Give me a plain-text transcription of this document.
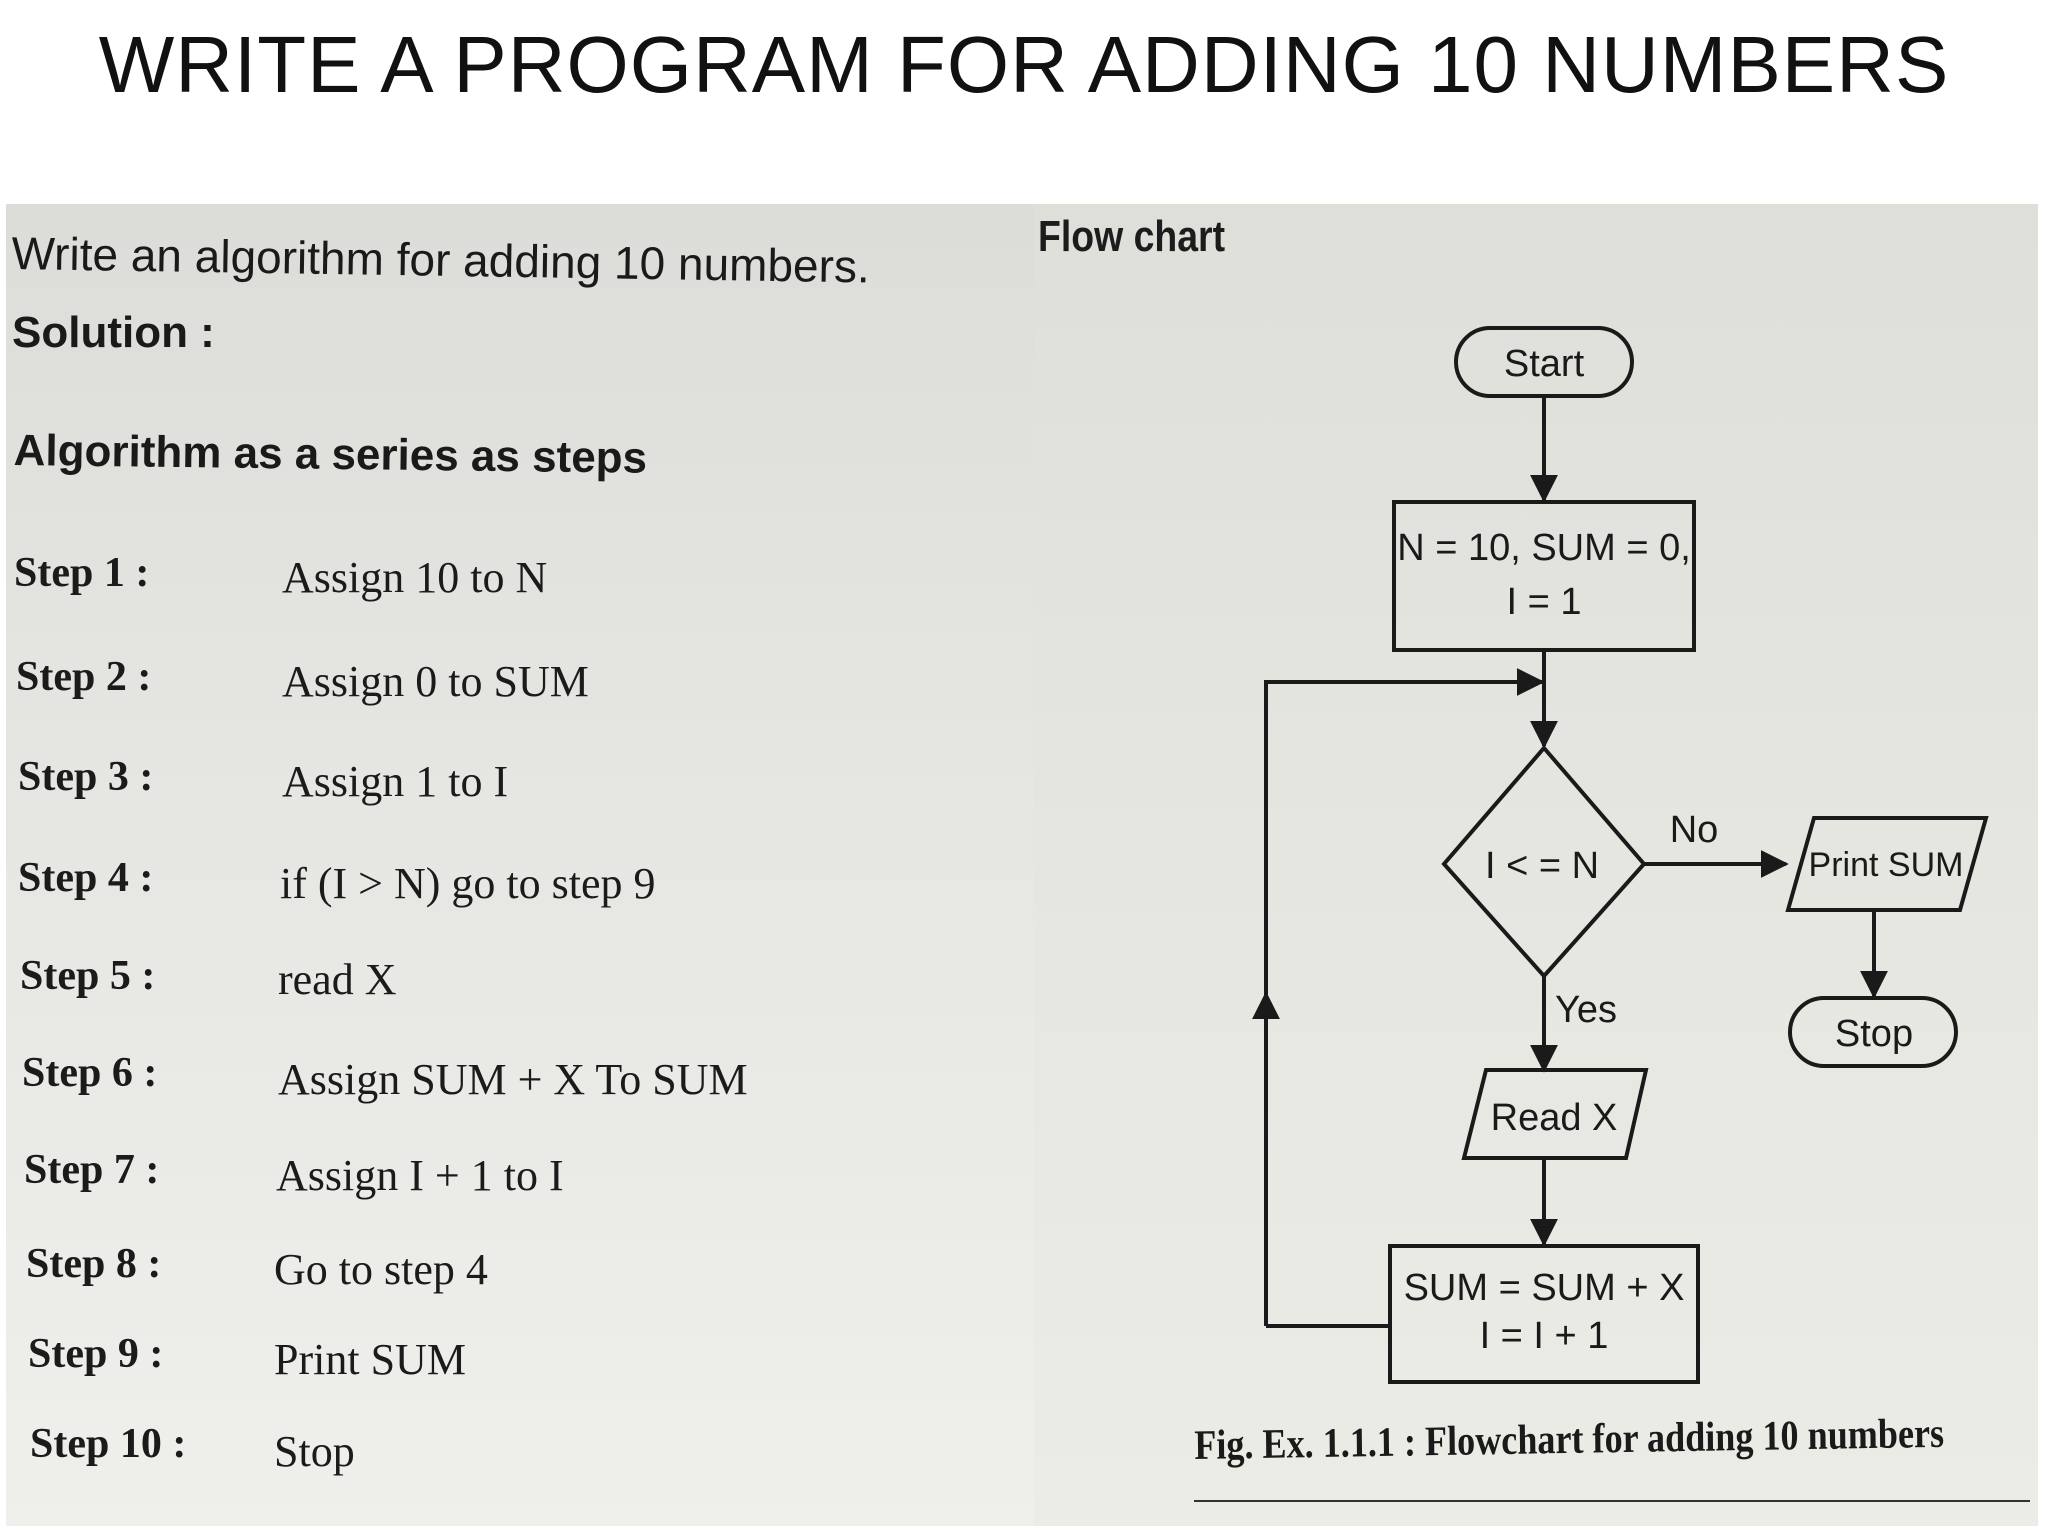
WRITE A PROGRAM FOR ADDING 10 NUMBERS
Write an algorithm for adding 10 numbers.
Solution :
Algorithm as a series as steps
Step 1 :	Assign 10 to N
Step 2 :	Assign 0 to SUM
Step 3 :	Assign 1 to I
Step 4 :	if (I > N) go to step 9
Step 5 :	read X
Step 6 :	Assign SUM + X To SUM
Step 7 :	Assign I + 1 to I
Step 8 :	Go to step 4
Step 9 :	Print SUM
Step 10 : Stop
Flow chart
Start
N = 10, SUM = 0,
I = 1
I < = N
No
Print SUM
Stop
Yes
Read X
SUM = SUM + X
I = I + 1
Fig. Ex. 1.1.1 : Flowchart for adding 10 numbers
